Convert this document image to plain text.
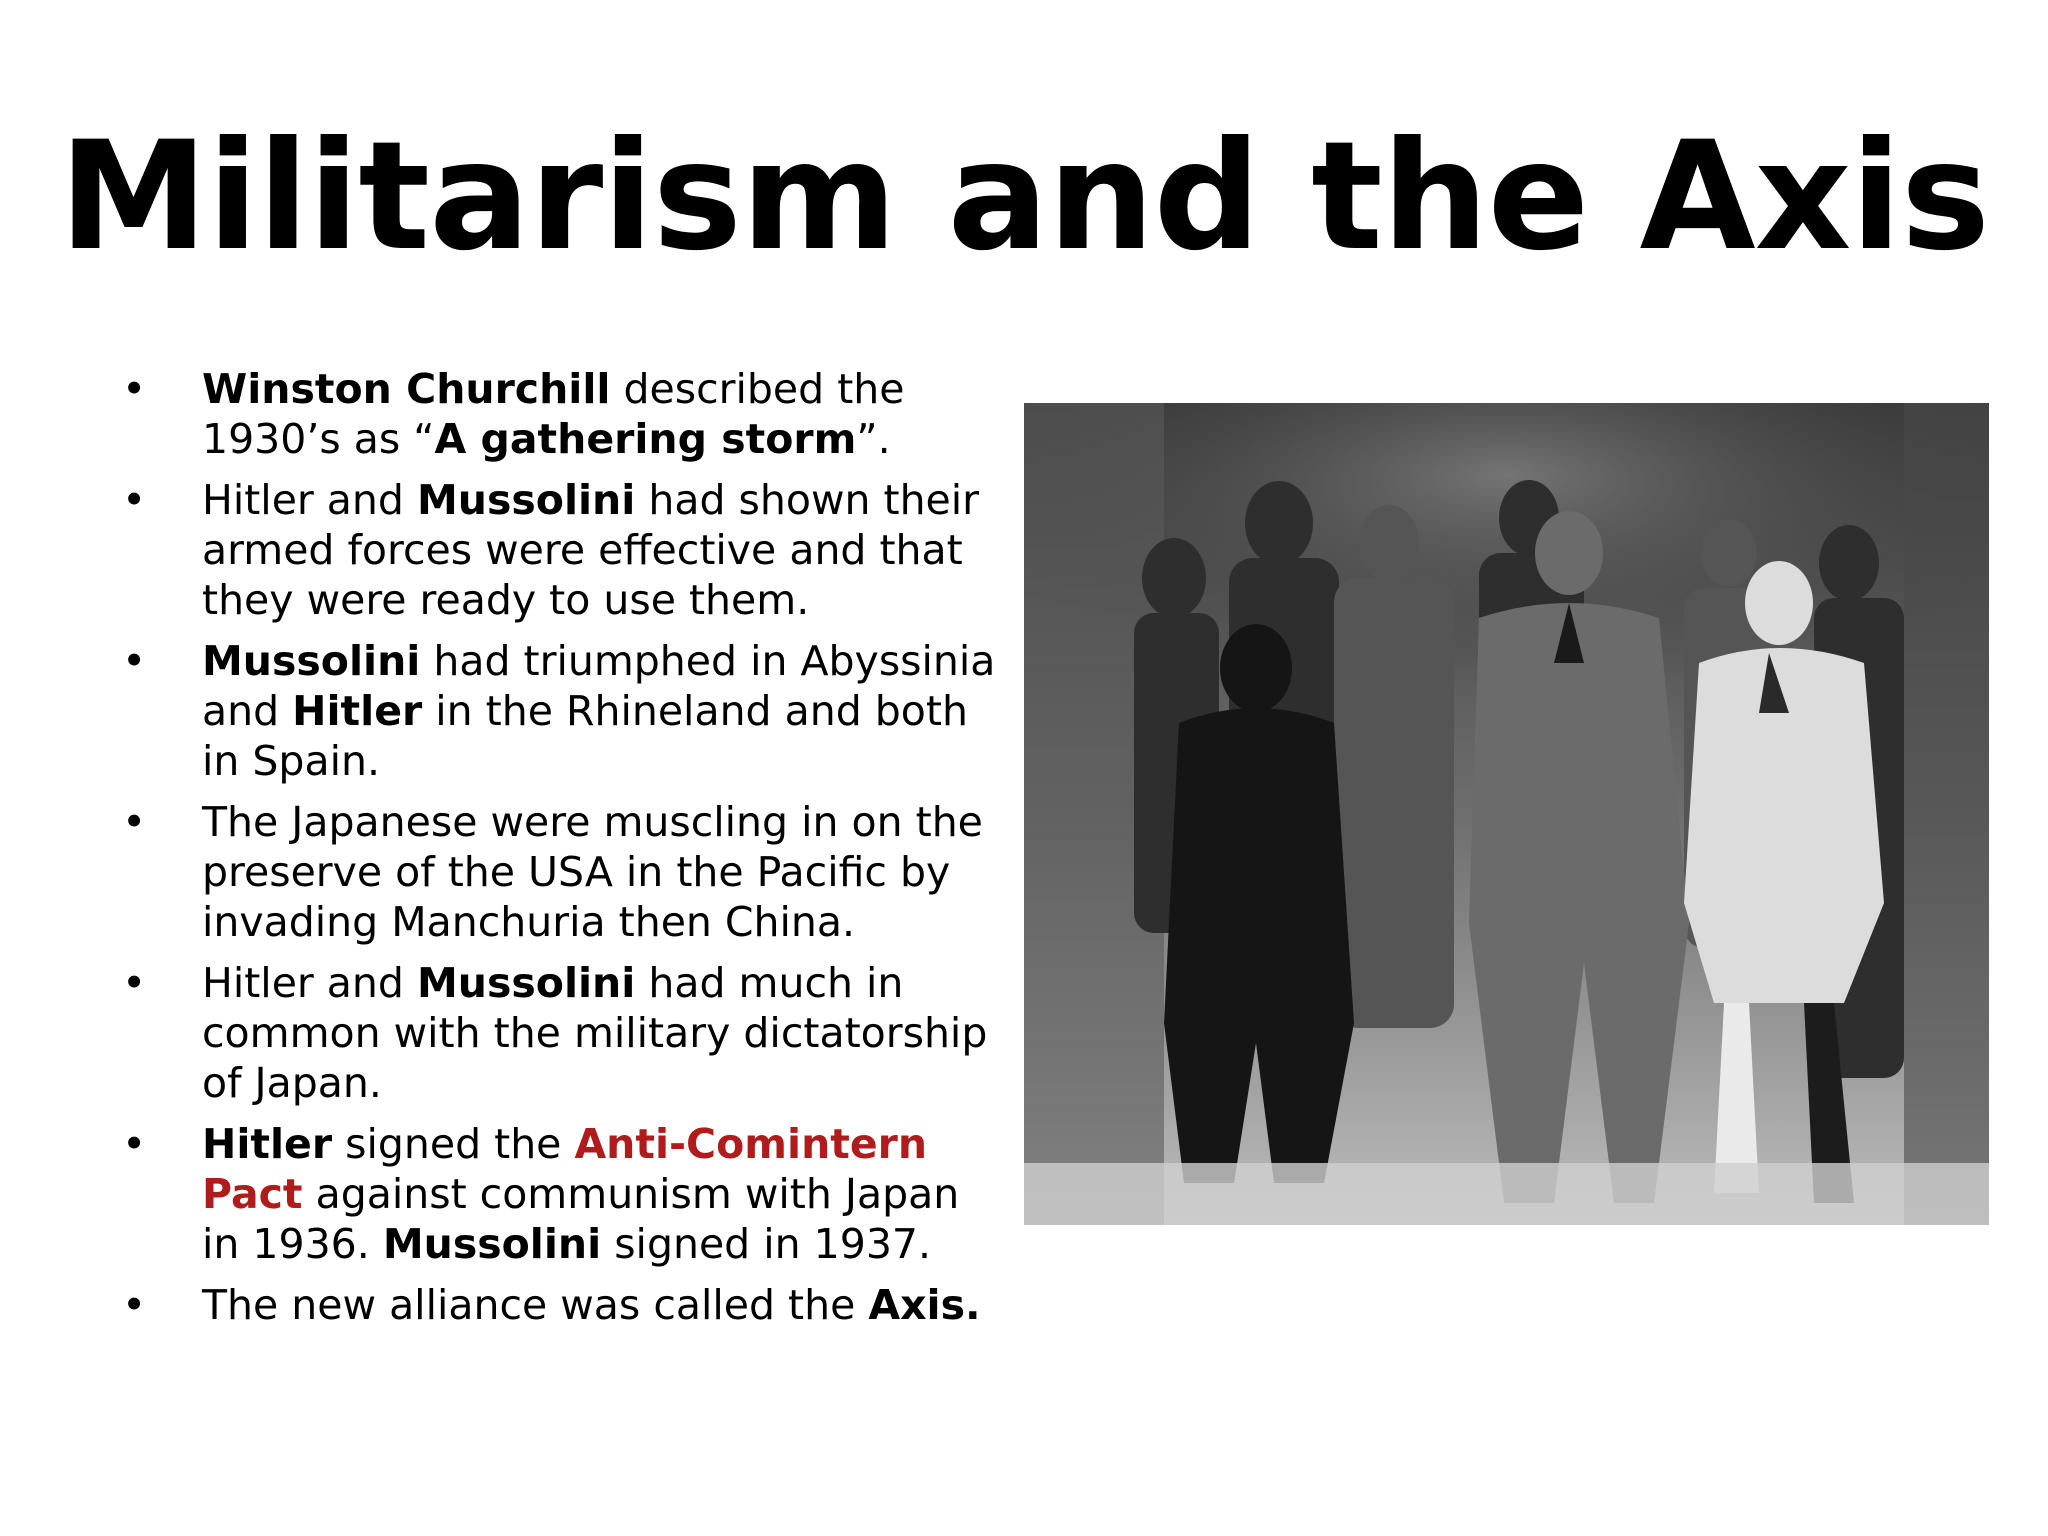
Militarism and the Axis
• Winston Churchill described the 1930’s as “A gathering storm”.
• Hitler and Mussolini had shown their armed forces were effective and that they were ready to use them.
• Mussolini had triumphed in Abyssinia and Hitler in the Rhineland and both in Spain.
• The Japanese were muscling in on the preserve of the USA in the Pacific by invading Manchuria then China.
• Hitler and Mussolini had much in common with the military dictatorship of Japan.
• Hitler signed the Anti-Comintern Pact against communism with Japan in 1936. Mussolini signed in 1937.
• The new alliance was called the Axis.
